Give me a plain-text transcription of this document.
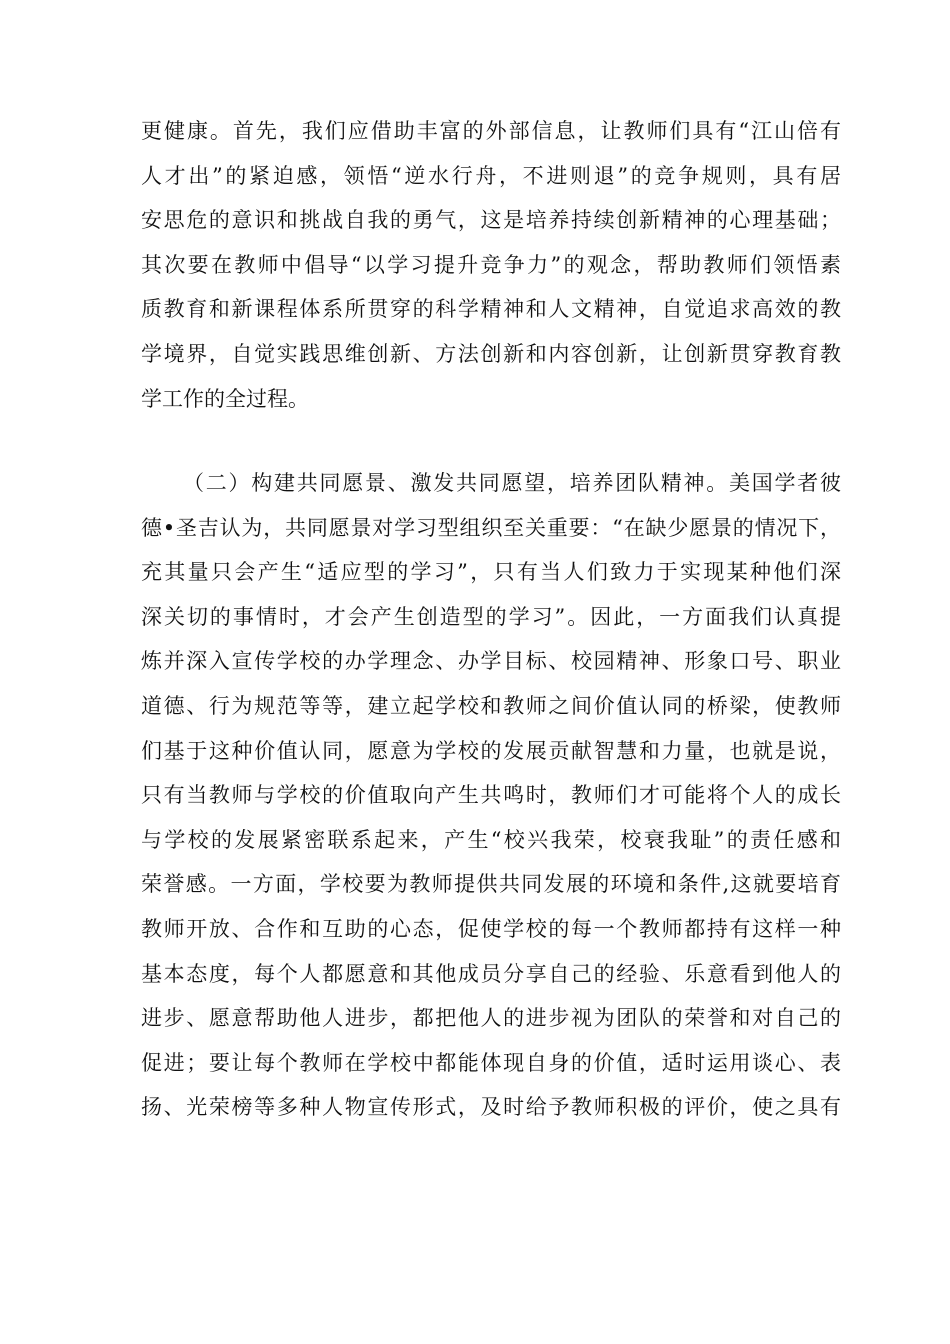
更健康。首先，我们应借助丰富的外部信息，让教师们具有“江山倍有
人才出”的紧迫感，领悟“逆水行舟，不进则退”的竞争规则，具有居
安思危的意识和挑战自我的勇气，这是培养持续创新精神的心理基础；
其次要在教师中倡导“以学习提升竞争力”的观念，帮助教师们领悟素
质教育和新课程体系所贯穿的科学精神和人文精神，自觉追求高效的教
学境界，自觉实践思维创新、方法创新和内容创新，让创新贯穿教育教
学工作的全过程。
（二）构建共同愿景、激发共同愿望，培养团队精神。美国学者彼
德•圣吉认为，共同愿景对学习型组织至关重要：“在缺少愿景的情况下，
充其量只会产生“适应型的学习”，只有当人们致力于实现某种他们深
深关切的事情时，才会产生创造型的学习”。因此，一方面我们认真提
炼并深入宣传学校的办学理念、办学目标、校园精神、形象口号、职业
道德、行为规范等等，建立起学校和教师之间价值认同的桥梁，使教师
们基于这种价值认同，愿意为学校的发展贡献智慧和力量，也就是说，
只有当教师与学校的价值取向产生共鸣时，教师们才可能将个人的成长
与学校的发展紧密联系起来，产生“校兴我荣，校衰我耻”的责任感和
荣誉感。一方面，学校要为教师提供共同发展的环境和条件,这就要培育
教师开放、合作和互助的心态，促使学校的每一个教师都持有这样一种
基本态度，每个人都愿意和其他成员分享自己的经验、乐意看到他人的
进步、愿意帮助他人进步，都把他人的进步视为团队的荣誉和对自己的
促进；要让每个教师在学校中都能体现自身的价值，适时运用谈心、表
扬、光荣榜等多种人物宣传形式，及时给予教师积极的评价，使之具有
